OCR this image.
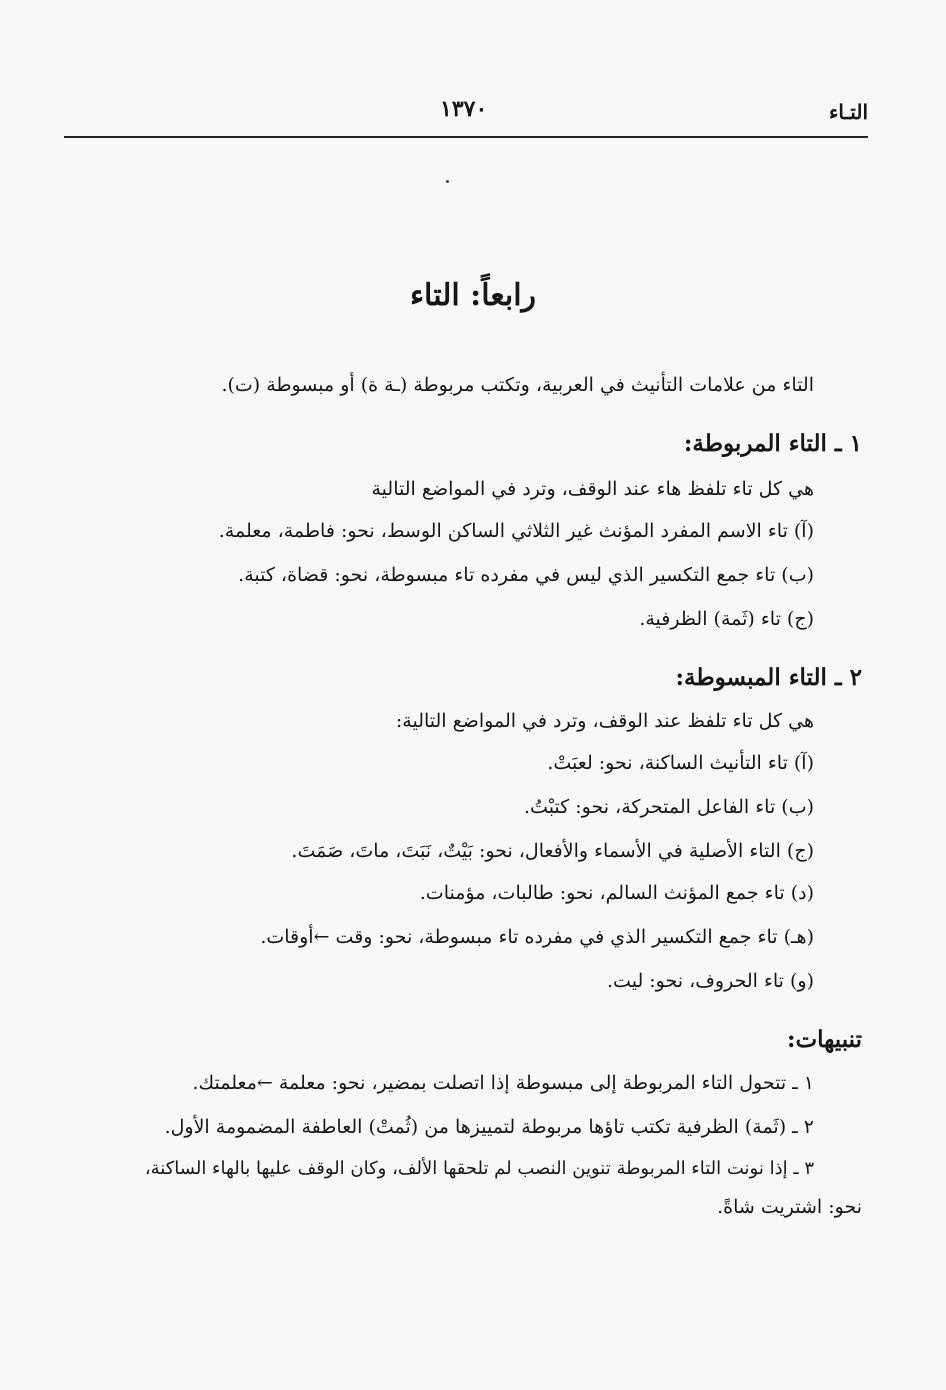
التـاء
١٣٧٠
رابعاً: التاء
التاء من علامات التأنيث في العربية، وتكتب مربوطة (ـة ة) أو مبسوطة (ت).
١ ـ التاء المربوطة:
هي كل تاء تلفظ هاء عند الوقف، وترد في المواضع التالية
(آ) تاء الاسم المفرد المؤنث غير الثلاثي الساكن الوسط، نحو: فاطمة، معلمة.
(ب) تاء جمع التكسير الذي ليس في مفرده تاء مبسوطة، نحو: قضاة، كتبة.
(ج) تاء (ثَمة) الظرفية.
٢ ـ التاء المبسوطة:
هي كل تاء تلفظ عند الوقف، وترد في المواضع التالية:
(آ) تاء التأنيث الساكنة، نحو: لعبَتْ.
(ب) تاء الفاعل المتحركة، نحو: كتبْتُ.
(ج) التاء الأصلية في الأسماء والأفعال، نحو: بَيْتٌ، نَبَتَ، ماتَ، صَمَتَ.
(د) تاء جمع المؤنث السالم، نحو: طالبات، مؤمنات.
(هـ) تاء جمع التكسير الذي في مفرده تاء مبسوطة، نحو: وقت ←أوقات.
(و) تاء الحروف، نحو: ليت.
تنبيهات:
١ ـ تتحول التاء المربوطة إلى مبسوطة إذا اتصلت بمضير، نحو: معلمة ←معلمتك.
٢ ـ (ثَمة) الظرفية تكتب تاؤها مربوطة لتمييزها من (ثُمتْ) العاطفة المضمومة الأول.
٣ ـ إذا نونت التاء المربوطة تنوين النصب لم تلحقها الألف، وكان الوقف عليها بالهاء الساكنة،
نحو: اشتريت شاةً.
